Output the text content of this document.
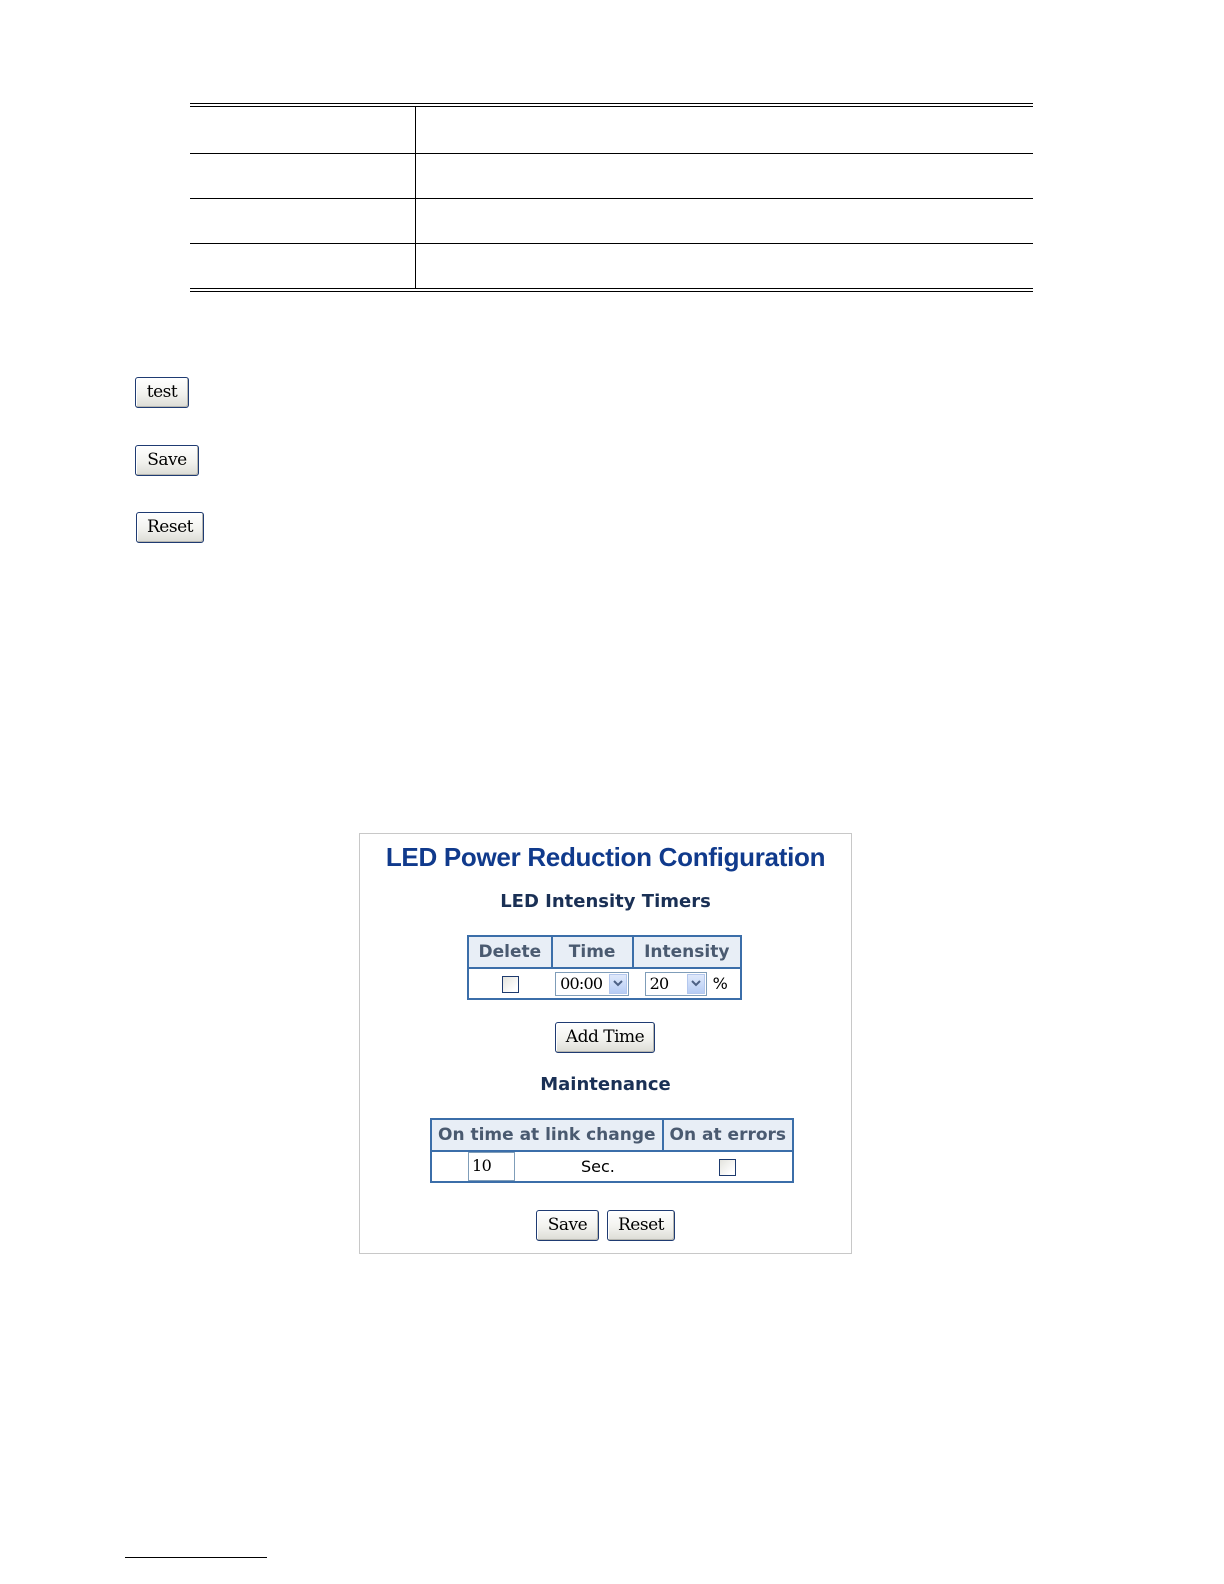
test
Save
Reset
LED Power Reduction Configuration
LED Intensity Timers
Delete	Time	Intensity

	00:00	20 %
Add Time
Maintenance
On time at link change	On at errors
10 Sec.	
Save	Reset
